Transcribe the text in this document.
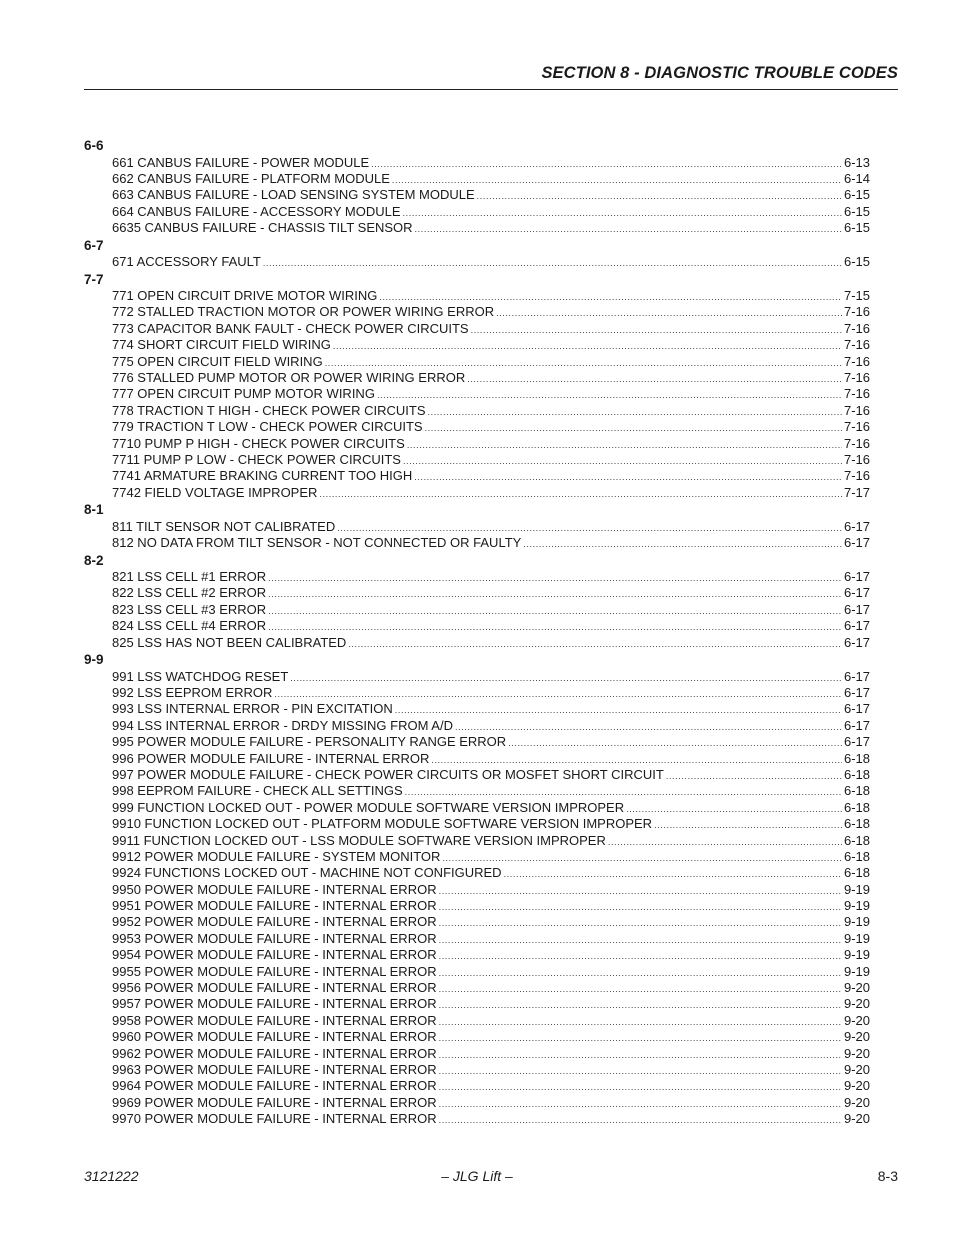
SECTION 8 - DIAGNOSTIC TROUBLE CODES
6-6
661 CANBUS FAILURE - POWER MODULE .....	6-13
662 CANBUS FAILURE - PLATFORM MODULE .....	6-14
663 CANBUS FAILURE - LOAD SENSING SYSTEM MODULE .....	6-15
664 CANBUS FAILURE - ACCESSORY MODULE .....	6-15
6635 CANBUS FAILURE - CHASSIS TILT SENSOR .....	6-15
6-7
671 ACCESSORY FAULT .....	6-15
7-7
771 OPEN CIRCUIT DRIVE MOTOR WIRING .....	7-15
772 STALLED TRACTION MOTOR OR POWER WIRING ERROR .....	7-16
773 CAPACITOR BANK FAULT - CHECK POWER CIRCUITS .....	7-16
774 SHORT CIRCUIT FIELD WIRING .....	7-16
775 OPEN CIRCUIT FIELD WIRING .....	7-16
776 STALLED PUMP MOTOR OR POWER WIRING ERROR .....	7-16
777 OPEN CIRCUIT PUMP MOTOR WIRING .....	7-16
778 TRACTION T HIGH - CHECK POWER CIRCUITS .....	7-16
779 TRACTION T LOW - CHECK POWER CIRCUITS .....	7-16
7710 PUMP P HIGH - CHECK POWER CIRCUITS .....	7-16
7711 PUMP P LOW - CHECK POWER CIRCUITS .....	7-16
7741 ARMATURE BRAKING CURRENT TOO HIGH .....	7-16
7742 FIELD VOLTAGE IMPROPER .....	7-17
8-1
811 TILT SENSOR NOT CALIBRATED .....	6-17
812 NO DATA FROM TILT SENSOR - NOT CONNECTED OR FAULTY .....	6-17
8-2
821 LSS CELL #1 ERROR .....	6-17
822 LSS CELL #2 ERROR .....	6-17
823 LSS CELL #3 ERROR .....	6-17
824 LSS CELL #4 ERROR .....	6-17
825 LSS HAS NOT BEEN CALIBRATED .....	6-17
9-9
991 LSS WATCHDOG RESET .....	6-17
992 LSS EEPROM ERROR .....	6-17
993 LSS INTERNAL ERROR - PIN EXCITATION .....	6-17
994 LSS INTERNAL ERROR - DRDY MISSING FROM A/D .....	6-17
995 POWER MODULE FAILURE - PERSONALITY RANGE ERROR .....	6-17
996 POWER MODULE FAILURE - INTERNAL ERROR .....	6-18
997 POWER MODULE FAILURE - CHECK POWER CIRCUITS OR MOSFET SHORT CIRCUIT .....	6-18
998 EEPROM FAILURE - CHECK ALL SETTINGS .....	6-18
999 FUNCTION LOCKED OUT - POWER MODULE SOFTWARE VERSION IMPROPER .....	6-18
9910 FUNCTION LOCKED OUT - PLATFORM MODULE SOFTWARE VERSION IMPROPER .....	6-18
9911 FUNCTION LOCKED OUT - LSS MODULE SOFTWARE VERSION IMPROPER .....	6-18
9912 POWER MODULE FAILURE - SYSTEM MONITOR .....	6-18
9924 FUNCTIONS LOCKED OUT - MACHINE NOT CONFIGURED .....	6-18
9950 POWER MODULE FAILURE - INTERNAL ERROR .....	9-19
9951 POWER MODULE FAILURE - INTERNAL ERROR .....	9-19
9952 POWER MODULE FAILURE - INTERNAL ERROR .....	9-19
9953 POWER MODULE FAILURE - INTERNAL ERROR .....	9-19
9954 POWER MODULE FAILURE - INTERNAL ERROR .....	9-19
9955 POWER MODULE FAILURE - INTERNAL ERROR .....	9-19
9956 POWER MODULE FAILURE - INTERNAL ERROR .....	9-20
9957 POWER MODULE FAILURE - INTERNAL ERROR .....	9-20
9958 POWER MODULE FAILURE - INTERNAL ERROR .....	9-20
9960 POWER MODULE FAILURE - INTERNAL ERROR .....	9-20
9962 POWER MODULE FAILURE - INTERNAL ERROR .....	9-20
9963 POWER MODULE FAILURE - INTERNAL ERROR .....	9-20
9964 POWER MODULE FAILURE - INTERNAL ERROR .....	9-20
9969 POWER MODULE FAILURE - INTERNAL ERROR .....	9-20
9970 POWER MODULE FAILURE - INTERNAL ERROR .....	9-20
3121222	– JLG Lift –	8-3
